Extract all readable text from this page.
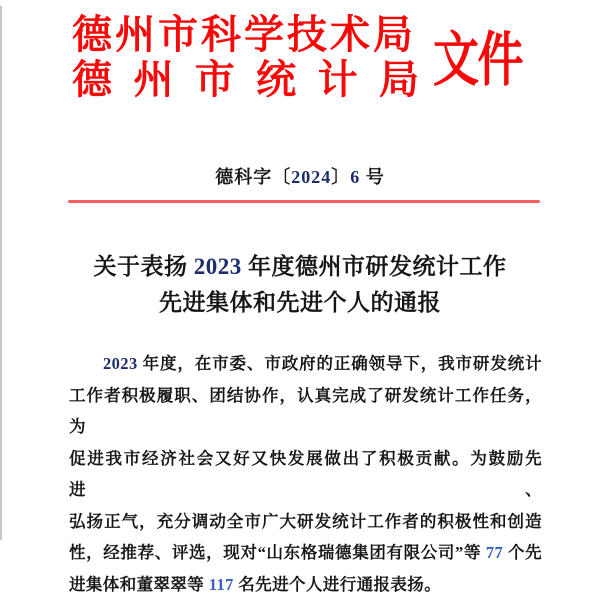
德州市科学技术局
德 州 市 统 计 局 文件
德科字〔2024〕6 号
关于表扬 2023 年度德州市研发统计工作
先进集体和先进个人的通报
2023 年度，在市委、市政府的正确领导下，我市研发统计
工作者积极履职、团结协作，认真完成了研发统计工作任务，为
促进我市经济社会又好又快发展做出了积极贡献。为鼓励先进、
弘扬正气，充分调动全市广大研发统计工作者的积极性和创造
性，经推荐、评选，现对“山东格瑞德集团有限公司”等 77 个先
进集体和董翠翠等 117 名先进个人进行通报表扬。
